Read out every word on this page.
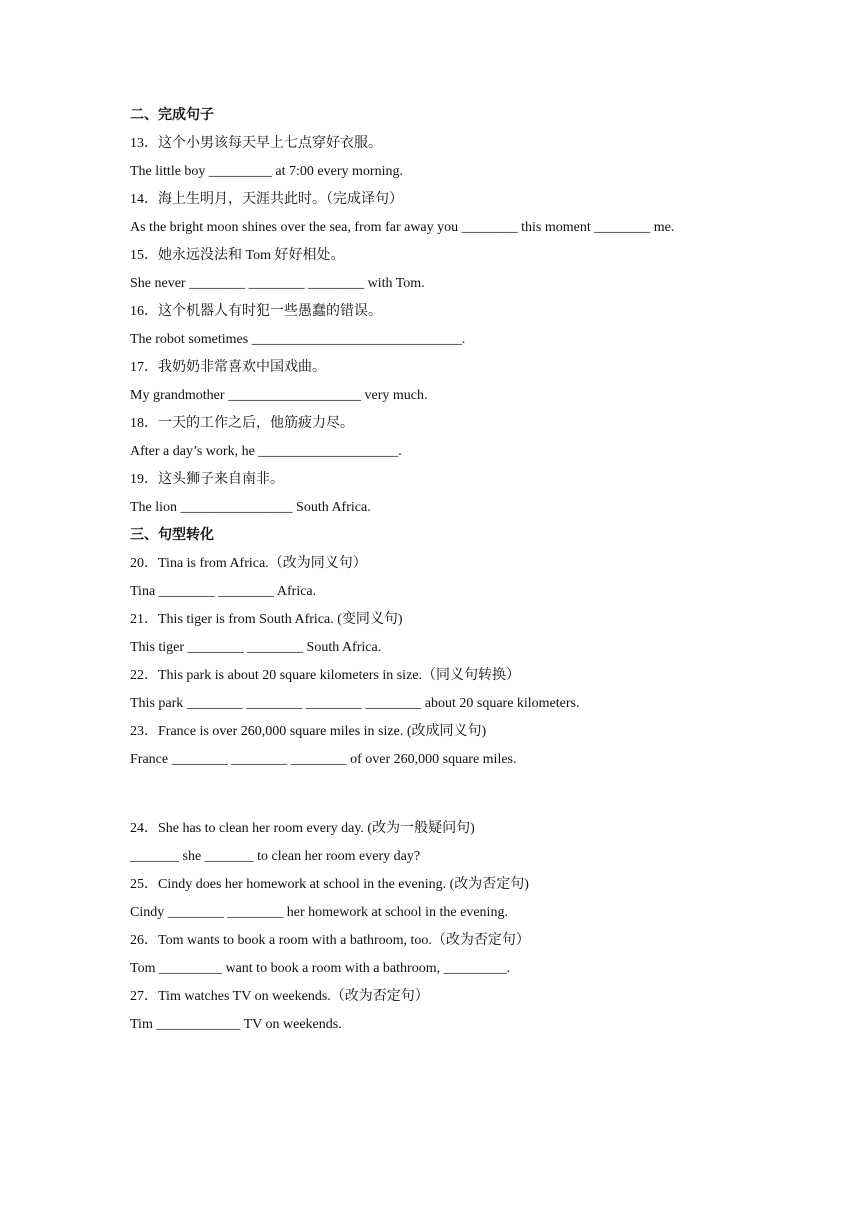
二、完成句子
13．这个小男该每天早上七点穿好衣服。
The little boy _________ at 7:00 every morning.
14．海上生明月，天涯共此时。（完成译句）
As the bright moon shines over the sea, from far away you ________ this moment ________ me.
15．她永远没法和 Tom 好好相处。
She never ________ ________ ________ with Tom.
16．这个机器人有时犯一些愚蠢的错误。
The robot sometimes ______________________________.
17．我奶奶非常喜欢中国戏曲。
My grandmother ___________________ very much.
18．一天的工作之后，他筋疲力尽。
After a day’s work, he ____________________.
19．这头狮子来自南非。
The lion ________________ South Africa.
三、句型转化
20．Tina is from Africa.（改为同义句）
Tina ________ ________ Africa.
21．This tiger is from South Africa. (变同义句)
This tiger ________ ________ South Africa.
22．This park is about 20 square kilometers in size.（同义句转换）
This park ________ ________ ________ ________ about 20 square kilometers.
23．France is over 260,000 square miles in size. (改成同义句)
France ________ ________ ________ of over 260,000 square miles.
24．She has to clean her room every day. (改为一般疑问句)
_______ she _______ to clean her room every day?
25．Cindy does her homework at school in the evening. (改为否定句)
Cindy ________ ________ her homework at school in the evening.
26．Tom wants to book a room with a bathroom, too.（改为否定句）
Tom _________ want to book a room with a bathroom, _________.
27．Tim watches TV on weekends.（改为否定句）
Tim ____________ TV on weekends.
